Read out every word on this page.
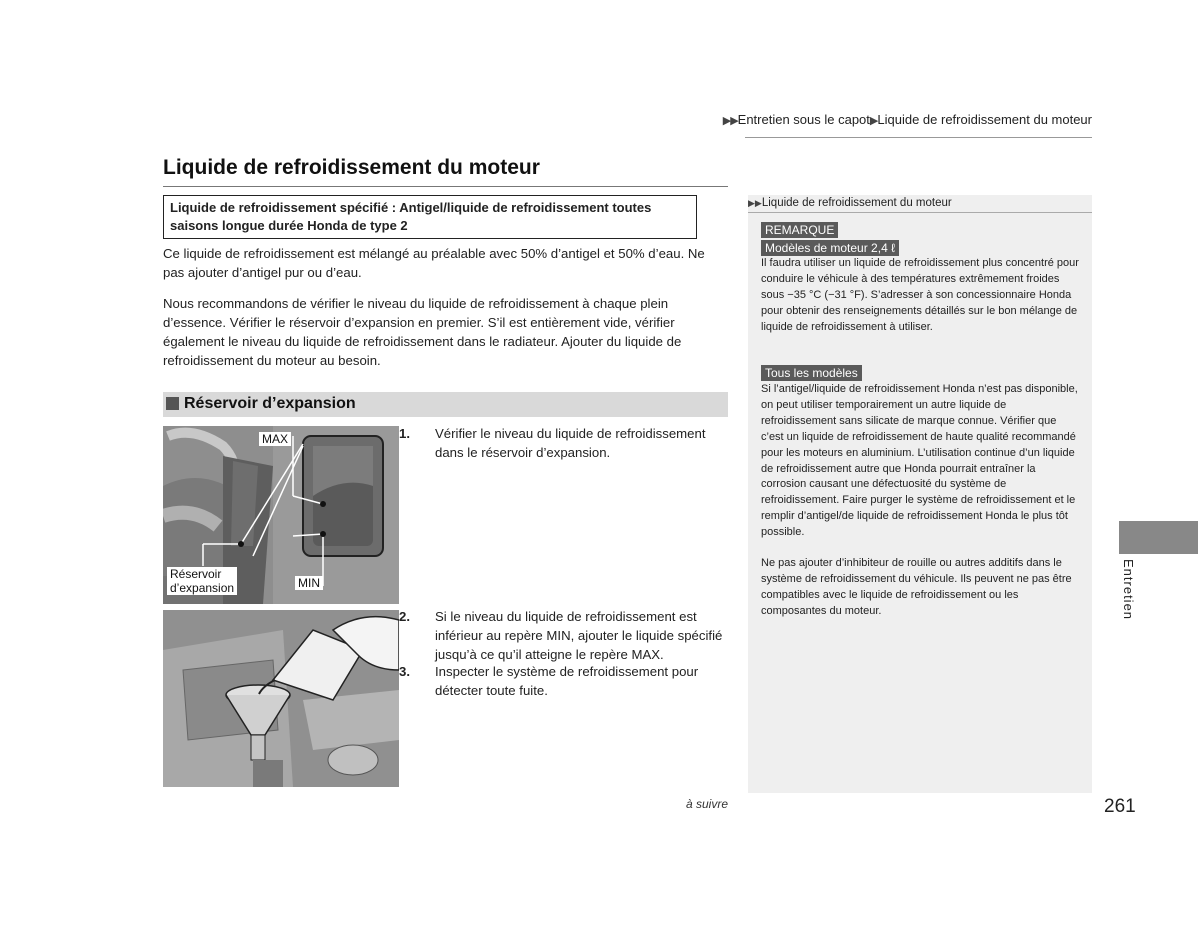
▶▶Entretien sous le capot▶Liquide de refroidissement du moteur
Liquide de refroidissement du moteur
Liquide de refroidissement spécifié : Antigel/liquide de refroidissement toutes
saisons longue durée Honda de type 2
Ce liquide de refroidissement est mélangé au préalable avec 50% d’antigel et 50% d’eau. Ne pas ajouter d’antigel pur ou d’eau.
Nous recommandons de vérifier le niveau du liquide de refroidissement à chaque plein d’essence. Vérifier le réservoir d’expansion en premier. S’il est entièrement vide, vérifier également le niveau du liquide de refroidissement dans le radiateur. Ajouter du liquide de refroidissement du moteur au besoin.
Réservoir d’expansion
MAX
MIN
Réservoir
d’expansion
1. Vérifier le niveau du liquide de refroidissement dans le réservoir d’expansion.
2. Si le niveau du liquide de refroidissement est inférieur au repère MIN, ajouter le liquide spécifié jusqu’à ce qu’il atteigne le repère MAX.
3. Inspecter le système de refroidissement pour détecter toute fuite.
à suivre	261
▶▶Liquide de refroidissement du moteur
REMARQUE
Modèles de moteur 2,4 ℓ
Il faudra utiliser un liquide de refroidissement plus concentré pour conduire le véhicule à des températures extrêmement froides sous −35 °C (−31 °F). S’adresser à son concessionnaire Honda pour obtenir des renseignements détaillés sur le bon mélange de liquide de refroidissement à utiliser.
Tous les modèles
Si l’antigel/liquide de refroidissement Honda n’est pas disponible, on peut utiliser temporairement un autre liquide de refroidissement sans silicate de marque connue. Vérifier que c’est un liquide de refroidissement de haute qualité recommandé pour les moteurs en aluminium. L’utilisation continue d’un liquide de refroidissement autre que Honda pourrait entraîner la corrosion causant une défectuosité du système de refroidissement. Faire purger le système de refroidissement et le remplir d’antigel/de liquide de refroidissement Honda le plus tôt possible.
Ne pas ajouter d’inhibiteur de rouille ou autres additifs dans le système de refroidissement du véhicule. Ils peuvent ne pas être compatibles avec le liquide de refroidissement ou les composantes du moteur.	Entretien
